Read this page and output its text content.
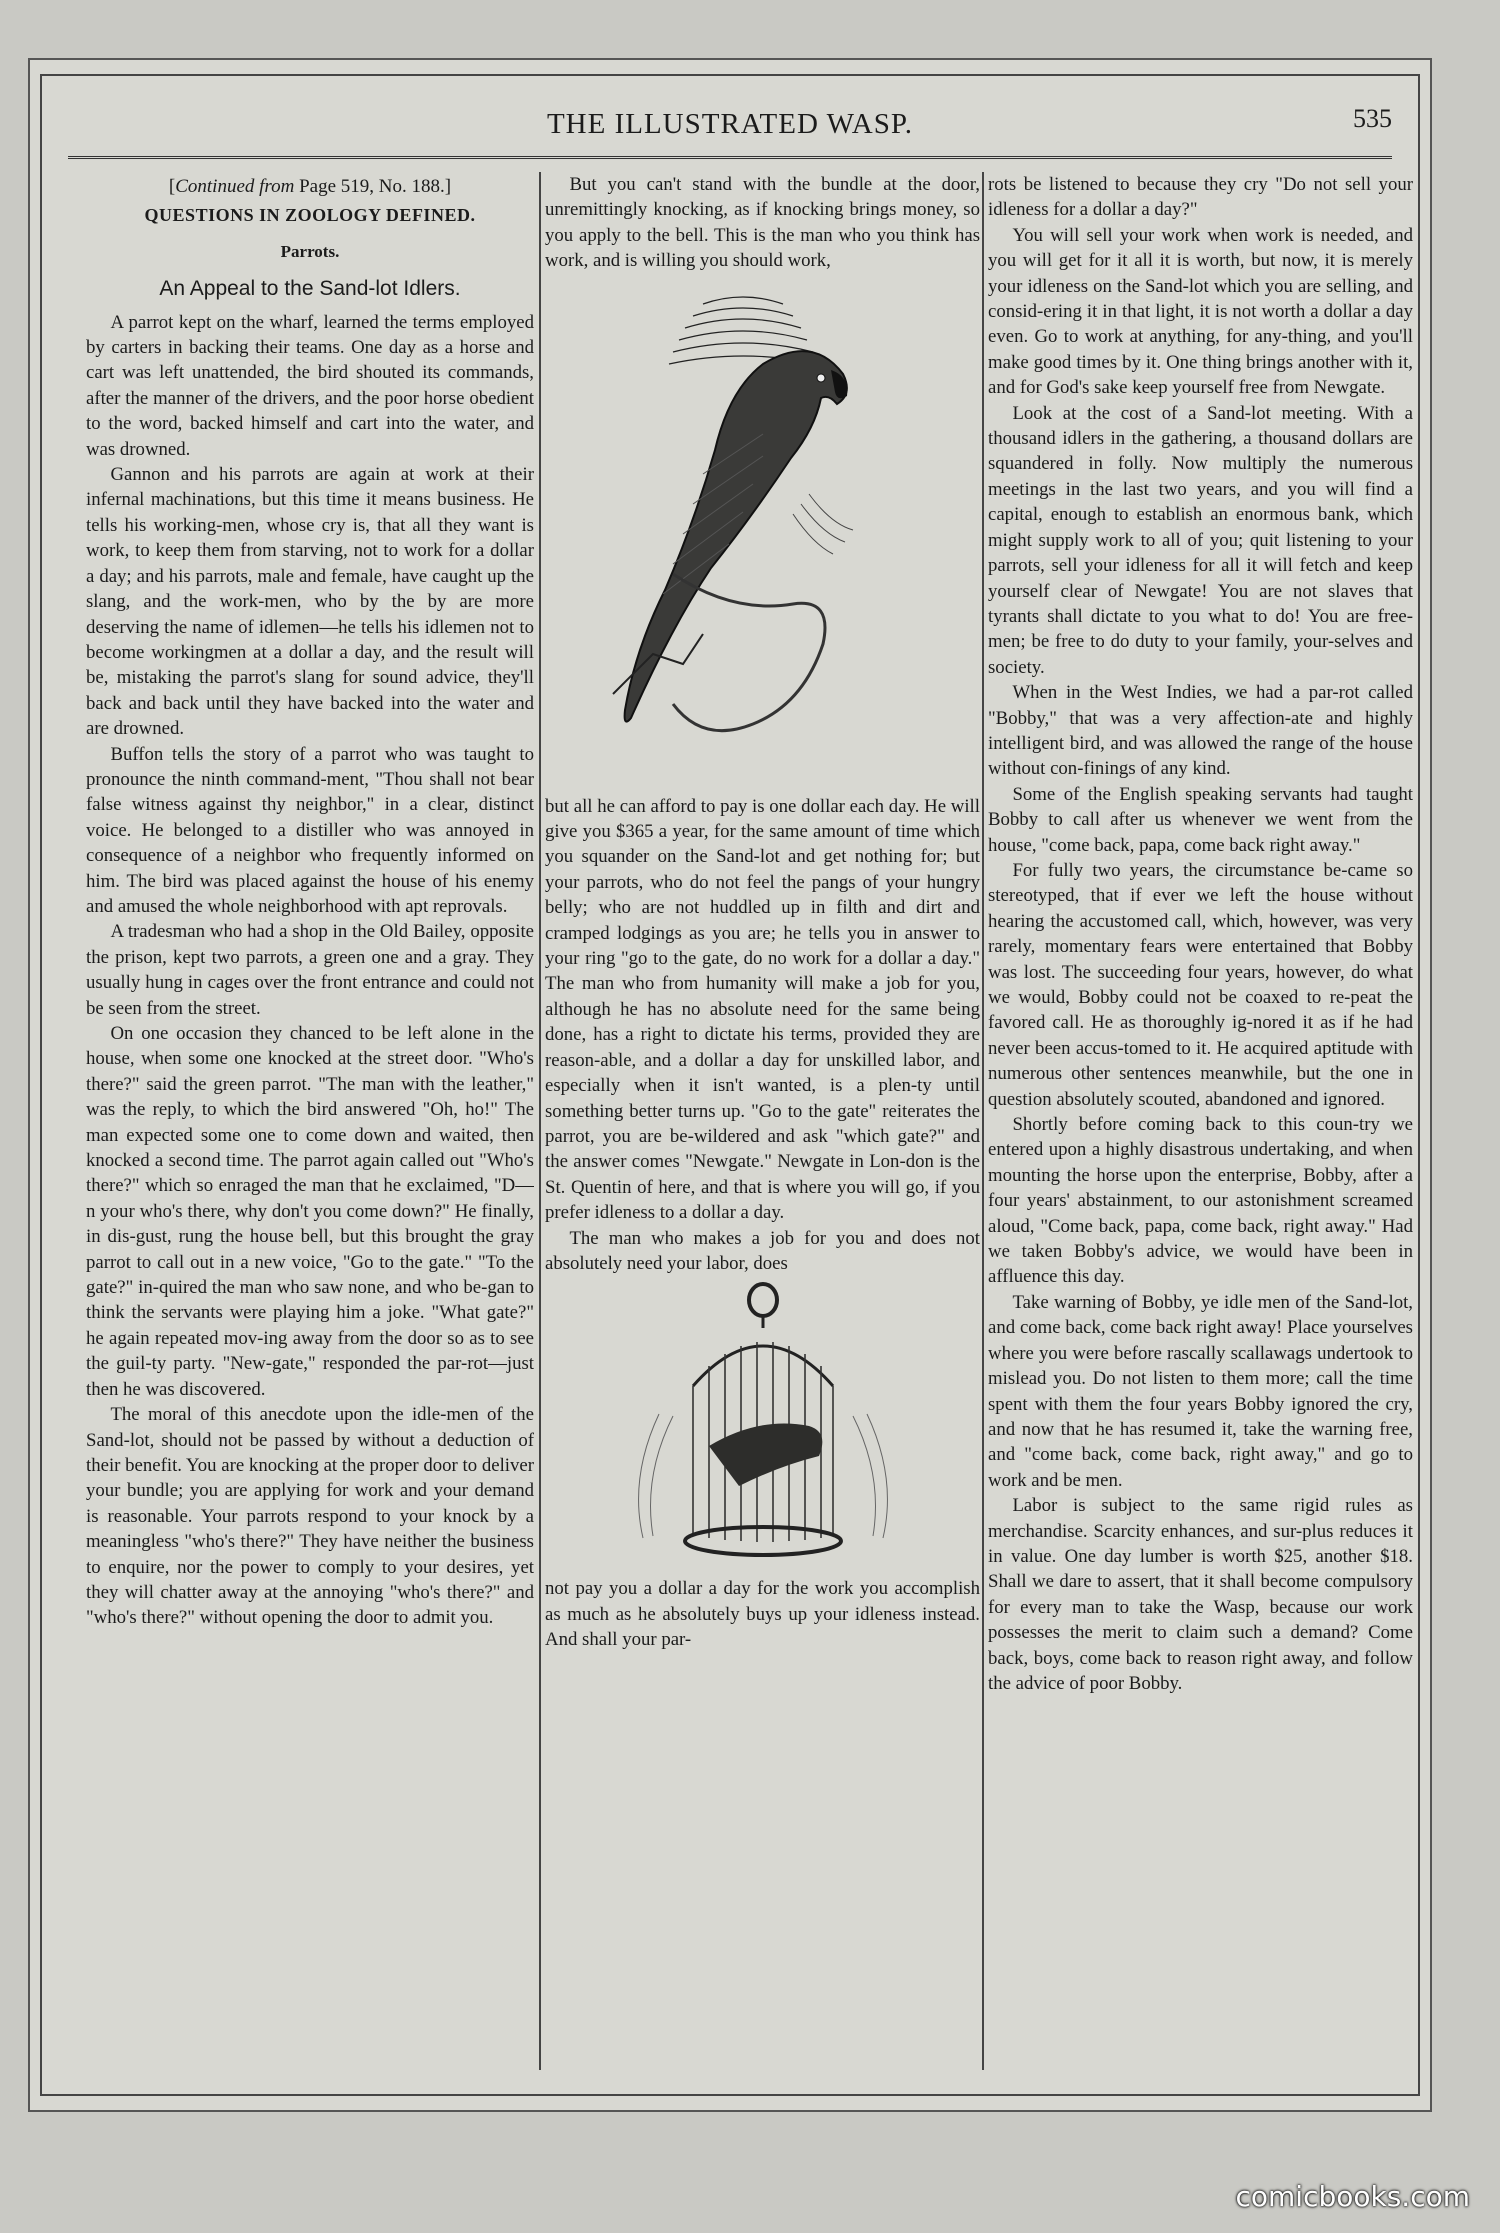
THE ILLUSTRATED WASP.	535
[Continued from Page 519, No. 188.]
QUESTIONS IN ZOOLOGY DEFINED.
Parrots.
An Appeal to the Sand-lot Idlers.

A parrot kept on the wharf, learned the terms employed by carters in backing their teams. One day as a horse and cart was left unattended, the bird shouted its commands, after the manner of the drivers, and the poor horse obedient to the word, backed himself and cart into the water, and was drowned.

Gannon and his parrots are again at work at their infernal machinations, but this time it means business. He tells his working-men, whose cry is, that all they want is work, to keep them from starving, not to work for a dollar a day; and his parrots, male and female, have caught up the slang, and the work-men, who by the by are more deserving the name of idlemen—he tells his idlemen not to become workingmen at a dollar a day, and the result will be, mistaking the parrot's slang for sound advice, they'll back and back until they have backed into the water and are drowned.

Buffon tells the story of a parrot who was taught to pronounce the ninth command-ment, "Thou shall not bear false witness against thy neighbor," in a clear, distinct voice. He belonged to a distiller who was annoyed in consequence of a neighbor who frequently informed on him. The bird was placed against the house of his enemy and amused the whole neighborhood with apt reprovals.

A tradesman who had a shop in the Old Bailey, opposite the prison, kept two parrots, a green one and a gray. They usually hung in cages over the front entrance and could not be seen from the street.

On one occasion they chanced to be left alone in the house, when some one knocked at the street door. "Who's there?" said the green parrot. "The man with the leather," was the reply, to which the bird answered "Oh, ho!" The man expected some one to come down and waited, then knocked a second time. The parrot again called out "Who's there?" which so enraged the man that he exclaimed, "D—n your who's there, why don't you come down?" He finally, in dis-gust, rung the house bell, but this brought the gray parrot to call out in a new voice, "Go to the gate." "To the gate?" in-quired the man who saw none, and who be-gan to think the servants were playing him a joke. "What gate?" he again repeated mov-ing away from the door so as to see the guil-ty party. "New-gate," responded the par-rot—just then he was discovered.

The moral of this anecdote upon the idle-men of the Sand-lot, should not be passed by without a deduction of their benefit. You are knocking at the proper door to deliver your bundle; you are applying for work and your demand is reasonable. Your parrots respond to your knock by a meaningless "who's there?" They have neither the business to enquire, nor the power to comply to your desires, yet they will chatter away at the annoying "who's there?" and "who's there?" without opening the door to admit you.

But you can't stand with the bundle at the door, unremittingly knocking, as if knocking brings money, so you apply to the bell. This is the man who you think has work, and is willing you should work,

but all he can afford to pay is one dollar each day. He will give you $365 a year, for the same amount of time which you squander on the Sand-lot and get nothing for; but your parrots, who do not feel the pangs of your hungry belly; who are not huddled up in filth and dirt and cramped lodgings as you are; he tells you in answer to your ring "go to the gate, do no work for a dollar a day." The man who from humanity will make a job for you, although he has no absolute need for the same being done, has a right to dictate his terms, provided they are reason-able, and a dollar a day for unskilled labor, and especially when it isn't wanted, is a plen-ty until something better turns up. "Go to the gate" reiterates the parrot, you are be-wildered and ask "which gate?" and the answer comes "Newgate." Newgate in Lon-don is the St. Quentin of here, and that is where you will go, if you prefer idleness to a dollar a day.

The man who makes a job for you and does not absolutely need your labor, does

not pay you a dollar a day for the work you accomplish as much as he absolutely buys up your idleness instead. And shall your par-

rots be listened to because they cry "Do not sell your idleness for a dollar a day?"

You will sell your work when work is needed, and you will get for it all it is worth, but now, it is merely your idleness on the Sand-lot which you are selling, and consid-ering it in that light, it is not worth a dollar a day even. Go to work at anything, for any-thing, and you'll make good times by it. One thing brings another with it, and for God's sake keep yourself free from Newgate.

Look at the cost of a Sand-lot meeting. With a thousand idlers in the gathering, a thousand dollars are squandered in folly. Now multiply the numerous meetings in the last two years, and you will find a capital, enough to establish an enormous bank, which might supply work to all of you; quit listening to your parrots, sell your idleness for all it will fetch and keep yourself clear of Newgate! You are not slaves that tyrants shall dictate to you what to do! You are free-men; be free to do duty to your family, your-selves and society.

When in the West Indies, we had a par-rot called "Bobby," that was a very affection-ate and highly intelligent bird, and was allowed the range of the house without con-finings of any kind.

Some of the English speaking servants had taught Bobby to call after us whenever we went from the house, "come back, papa, come back right away."

For fully two years, the circumstance be-came so stereotyped, that if ever we left the house without hearing the accustomed call, which, however, was very rarely, momentary fears were entertained that Bobby was lost. The succeeding four years, however, do what we would, Bobby could not be coaxed to re-peat the favored call. He as thoroughly ig-nored it as if he had never been accus-tomed to it. He acquired aptitude with numerous other sentences meanwhile, but the one in question absolutely scouted, abandoned and ignored.

Shortly before coming back to this coun-try we entered upon a highly disastrous undertaking, and when mounting the horse upon the enterprise, Bobby, after a four years' abstainment, to our astonishment screamed aloud, "Come back, papa, come back, right away." Had we taken Bobby's advice, we would have been in affluence this day.

Take warning of Bobby, ye idle men of the Sand-lot, and come back, come back right away! Place yourselves where you were before rascally scallawags undertook to mislead you. Do not listen to them more; call the time spent with them the four years Bobby ignored the cry, and now that he has resumed it, take the warning free, and "come back, come back, right away," and go to work and be men.

Labor is subject to the same rigid rules as merchandise. Scarcity enhances, and sur-plus reduces it in value. One day lumber is worth $25, another $18. Shall we dare to assert, that it shall become compulsory for every man to take the Wasp, because our work possesses the merit to claim such a demand? Come back, boys, come back to reason right away, and follow the advice of poor Bobby.

comicbooks.com
